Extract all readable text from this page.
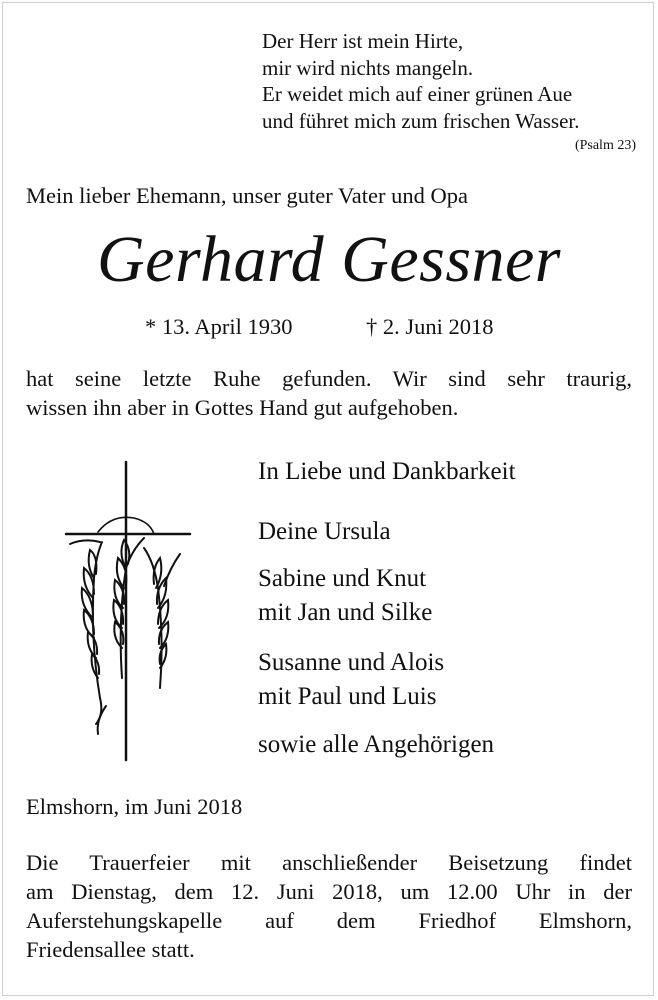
Der Herr ist mein Hirte,
mir wird nichts mangeln.
Er weidet mich auf einer grünen Aue
und führet mich zum frischen Wasser.
(Psalm 23)
Mein lieber Ehemann, unser guter Vater und Opa
Gerhard Gessner
* 13. April 1930	† 2. Juni 2018
hat seine letzte Ruhe gefunden. Wir sind sehr traurig,
wissen ihn aber in Gottes Hand gut aufgehoben.
In Liebe und Dankbarkeit
Deine Ursula
Sabine und Knut
mit Jan und Silke
Susanne und Alois
mit Paul und Luis
sowie alle Angehörigen
Elmshorn, im Juni 2018
Die Trauerfeier mit anschließender Beisetzung findet
am Dienstag, dem 12. Juni 2018, um 12.00 Uhr in der
Auferstehungskapelle auf dem Friedhof Elmshorn,
Friedensallee statt.
